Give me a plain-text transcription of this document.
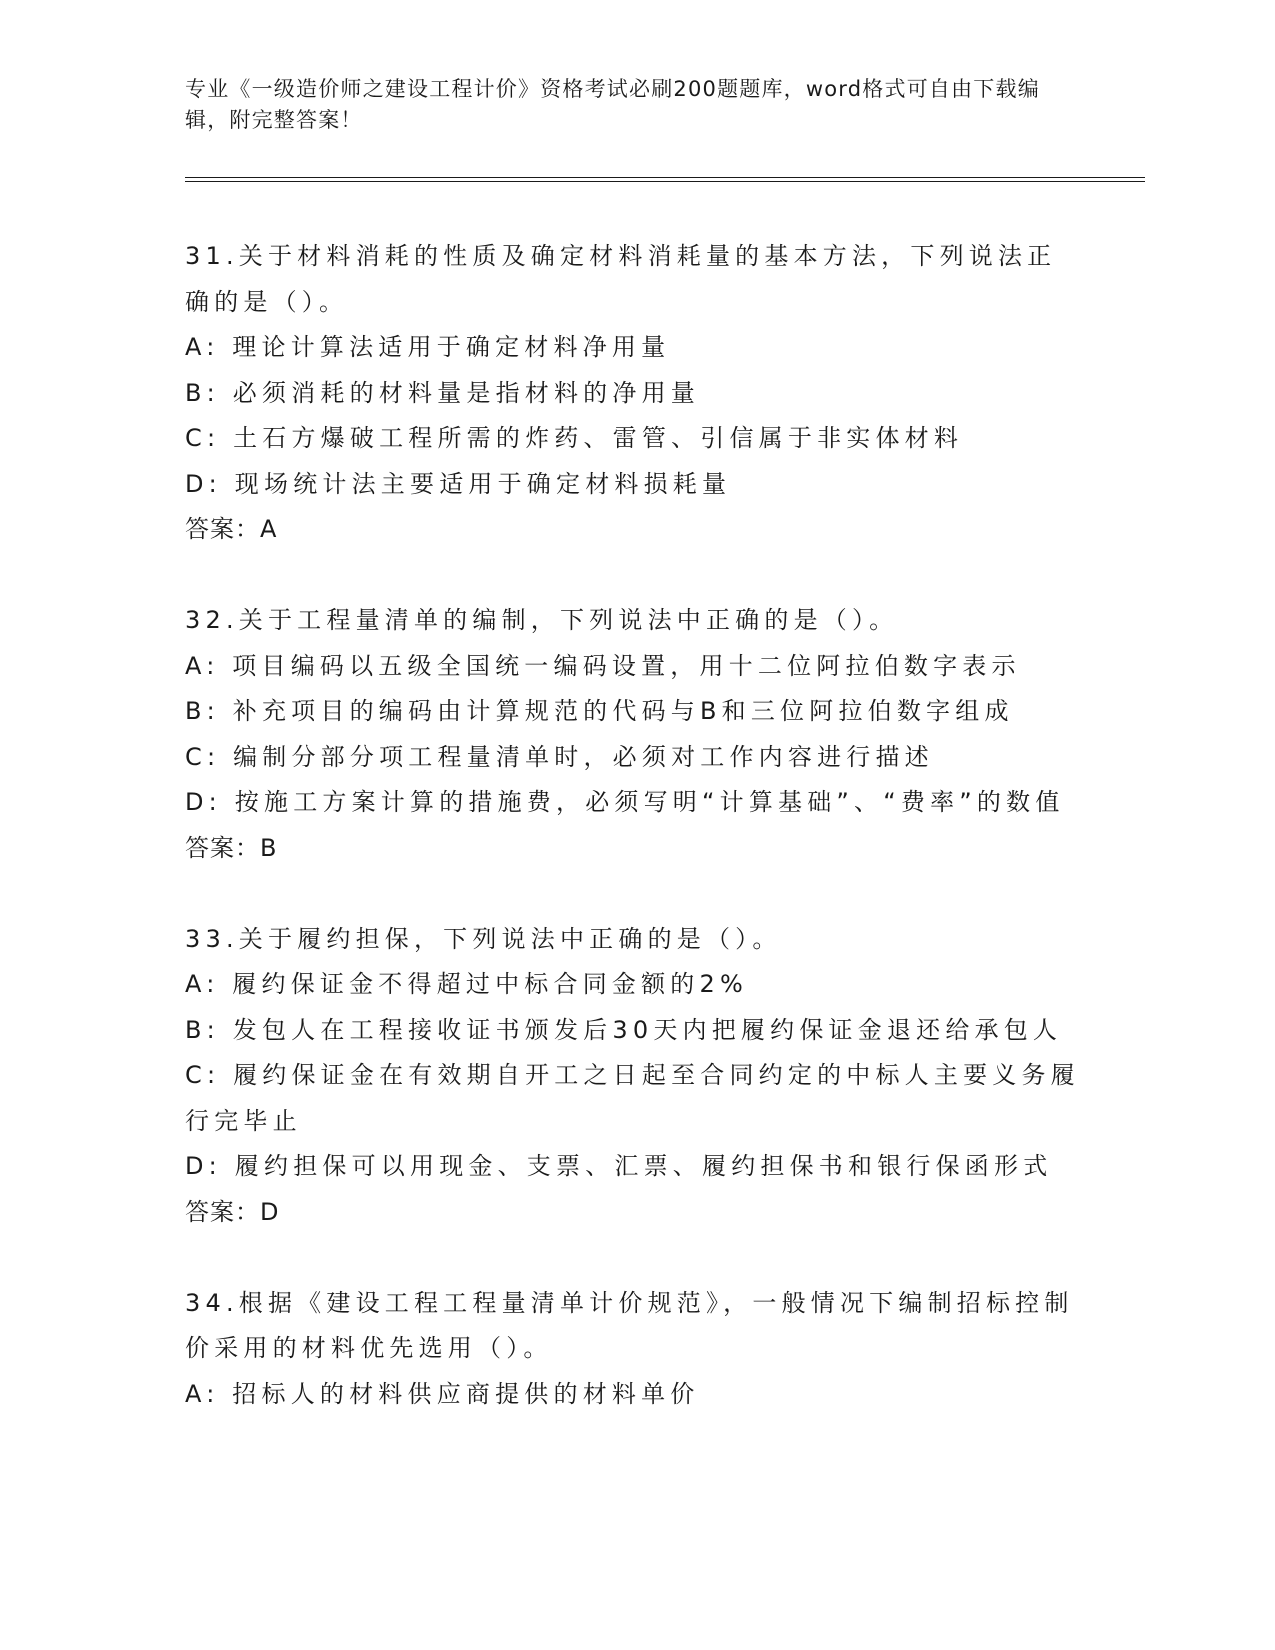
专业《一级造价师之建设工程计价》资格考试必刷200题题库，word格式可自由下载编辑，附完整答案！

31.关于材料消耗的性质及确定材料消耗量的基本方法，下列说法正确的是（）。

A: 理论计算法适用于确定材料净用量

B: 必须消耗的材料量是指材料的净用量

C: 土石方爆破工程所需的炸药、雷管、引信属于非实体材料

D: 现场统计法主要适用于确定材料损耗量

答案：A

32.关于工程量清单的编制，下列说法中正确的是（）。

A: 项目编码以五级全国统一编码设置，用十二位阿拉伯数字表示

B: 补充项目的编码由计算规范的代码与B和三位阿拉伯数字组成

C: 编制分部分项工程量清单时，必须对工作内容进行描述

D: 按施工方案计算的措施费，必须写明“计算基础”、“费率”的数值

答案：B

33.关于履约担保，下列说法中正确的是（）。

A: 履约保证金不得超过中标合同金额的2%

B: 发包人在工程接收证书颁发后30天内把履约保证金退还给承包人

C: 履约保证金在有效期自开工之日起至合同约定的中标人主要义务履行完毕止

D: 履约担保可以用现金、支票、汇票、履约担保书和银行保函形式

答案：D

34.根据《建设工程工程量清单计价规范》，一般情况下编制招标控制价采用的材料优先选用（）。

A: 招标人的材料供应商提供的材料单价
